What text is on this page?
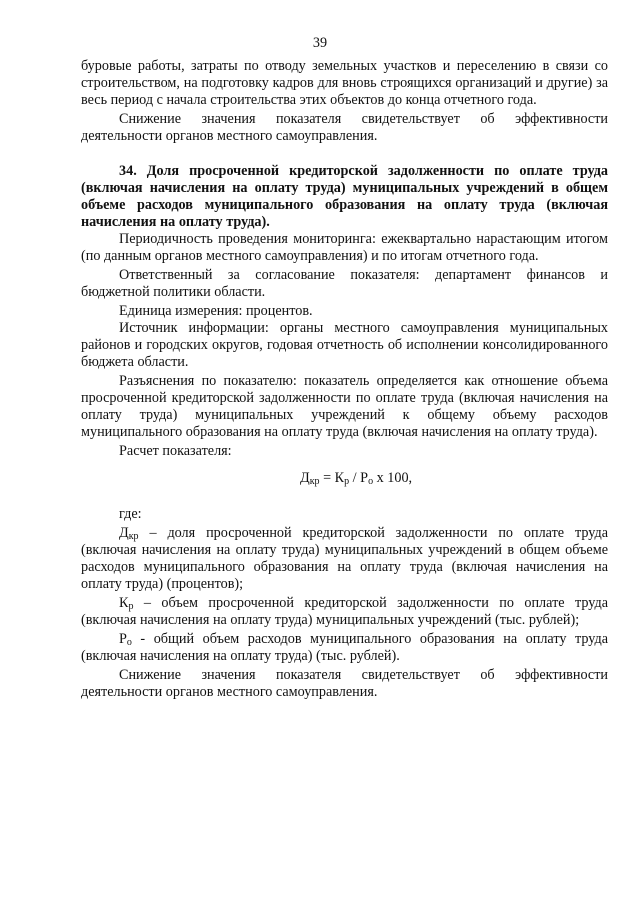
39

буровые работы, затраты по отводу земельных участков и переселению в связи со строительством, на подготовку кадров для вновь строящихся организаций и другие) за весь период с начала строительства этих объектов до конца отчетного года.

Снижение значения показателя свидетельствует об эффективности деятельности органов местного самоуправления.

34. Доля просроченной кредиторской задолженности по оплате труда (включая начисления на оплату труда) муниципальных учреждений в общем объеме расходов муниципального образования на оплату труда (включая начисления на оплату труда).

Периодичность проведения мониторинга: ежеквартально нарастающим итогом (по данным органов местного самоуправления) и по итогам отчетного года.

Ответственный за согласование показателя: департамент финансов и бюджетной политики области.

Единица измерения: процентов.

Источник информации: органы местного самоуправления муниципальных районов и городских округов, годовая отчетность об исполнении консолидированного бюджета области.

Разъяснения по показателю: показатель определяется как отношение объема просроченной кредиторской задолженности по оплате труда (включая начисления на оплату труда) муниципальных учреждений к общему объему расходов муниципального образования на оплату труда (включая начисления на оплату труда).

Расчет показателя:

$Д_{кр} = К_р / Р_о$ х 100,

где:

$Д_{кр}$ – доля просроченной кредиторской задолженности по оплате труда (включая начисления на оплату труда) муниципальных учреждений в общем объеме расходов муниципального образования на оплату труда (включая начисления на оплату труда) (процентов);

$К_р$ – объем просроченной кредиторской задолженности по оплате труда (включая начисления на оплату труда) муниципальных учреждений (тыс. рублей);

$Р_о$ - общий объем расходов муниципального образования на оплату труда (включая начисления на оплату труда) (тыс. рублей).

Снижение значения показателя свидетельствует об эффективности деятельности органов местного самоуправления.
